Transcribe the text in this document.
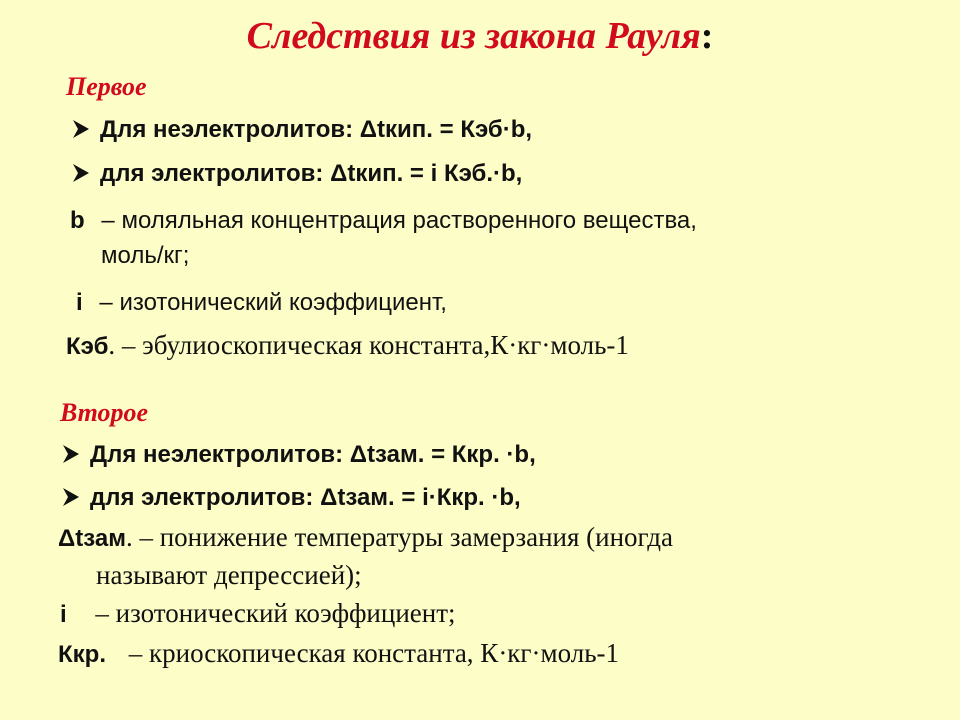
Следствия из закона Рауля:
Первое
Для неэлектролитов: Δtкип. = Кэб·b,
для электролитов: Δtкип. = i Кэб.·b,
b – моляльная концентрация растворенного вещества,
моль/кг;
i – изотонический коэффициент,
Кэб. – эбулиоскопическая константа,К·кг·моль-1
Второе
Для неэлектролитов: Δtзам. = Ккр. ·b,
для электролитов: Δtзам. = i·Ккр. ·b,
Δtзам. – понижение температуры замерзания (иногда
называют депрессией);
i – изотонический коэффициент;
Ккр. – криоскопическая константа, К·кг·моль-1
